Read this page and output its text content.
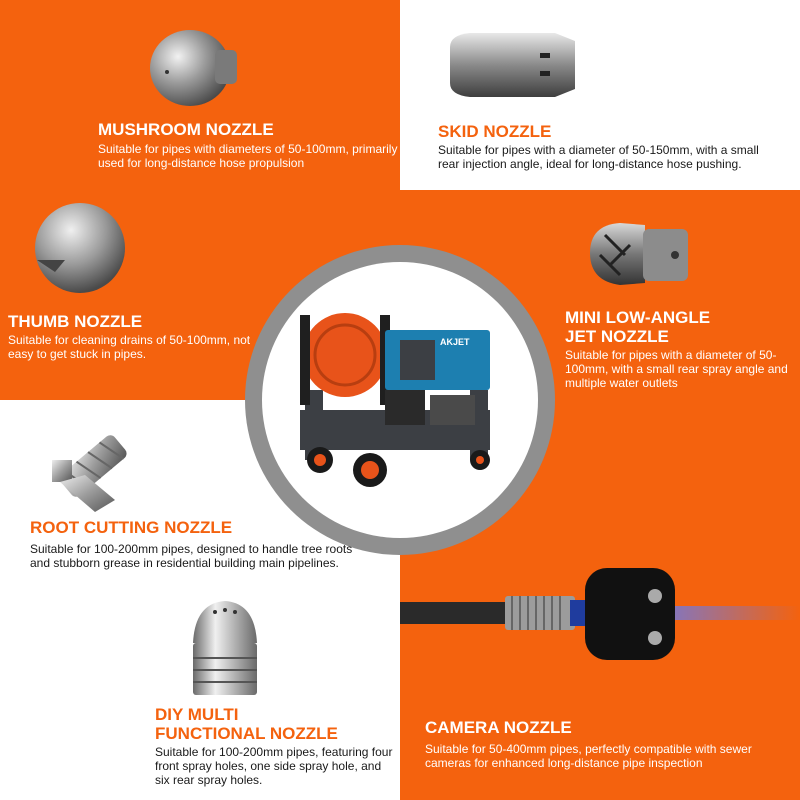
MUSHROOM NOZZLE
Suitable for pipes with diameters of 50-100mm, primarily used for long-distance hose propulsion
SKID NOZZLE
Suitable for pipes with a diameter of 50-150mm, with a small rear injection angle, ideal for long-distance hose pushing.
THUMB NOZZLE
Suitable for cleaning drains of 50-100mm, not easy to get stuck in pipes.
MINI LOW-ANGLE
JET NOZZLE
Suitable for pipes with a diameter of 50-100mm, with a small rear spray angle and multiple water outlets
AKJET
ROOT CUTTING NOZZLE
Suitable for 100-200mm pipes, designed to handle tree roots and stubborn grease in residential building main pipelines.
DIY MULTI
FUNCTIONAL NOZZLE
Suitable for 100-200mm pipes, featuring four front spray holes, one side spray hole, and six rear spray holes.
CAMERA NOZZLE
Suitable for 50-400mm pipes, perfectly compatible with sewer cameras for enhanced long-distance pipe inspection
